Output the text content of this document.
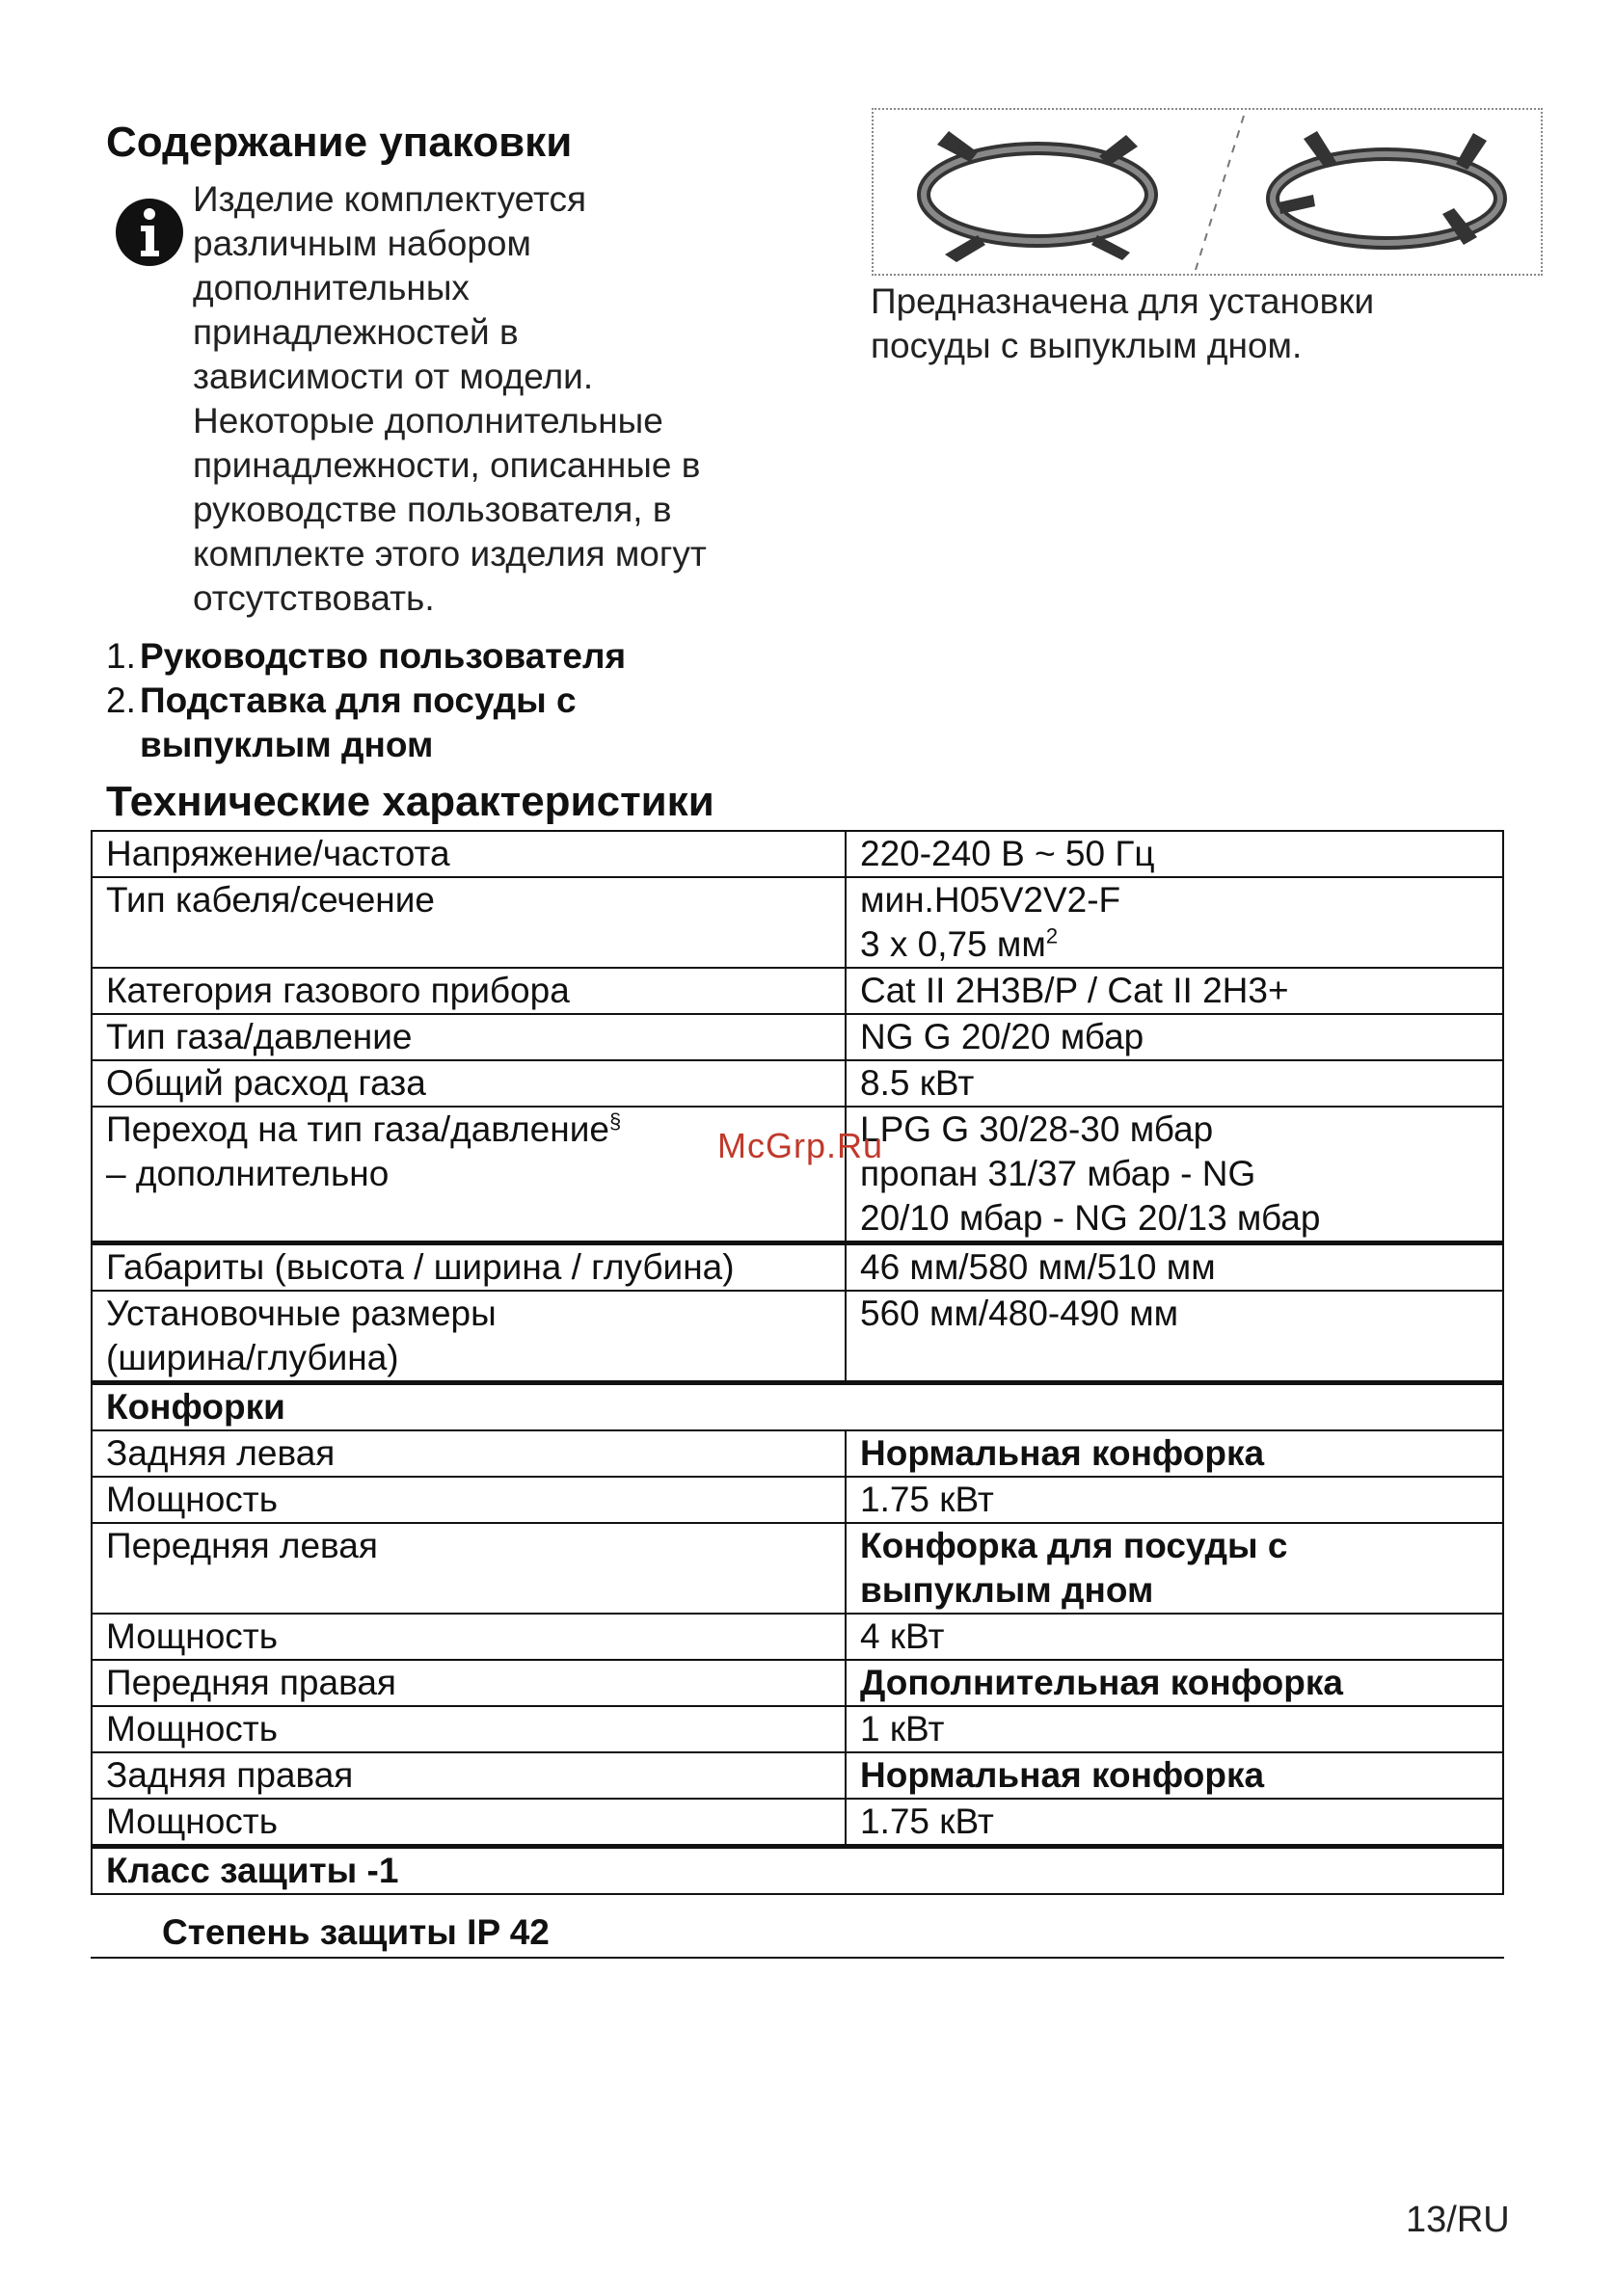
Содержание упаковки
Изделие комплектуется
различным набором
дополнительных
принадлежностей в
зависимости от модели.
Некоторые дополнительные
принадлежности, описанные в
руководстве пользователя, в
комплекте этого изделия могут
отсутствовать.
1. Руководство пользователя
2. Подставка для посуды с
выпуклым дном
Предназначена для установки
посуды с выпуклым дном.
Технические характеристики
Напряжение/частота	220-240 В ~ 50 Гц

Тип кабеля/сечение	мин.H05V2V2-F
3 x 0,75 $мм^2$

Категория газового прибора	Cat II 2H3B/P / Cat II 2H3+

Тип газа/давление	NG G 20/20 мбар

Общий расход газа	8.5 кВт

Переход на тип газа/давление§
– дополнительно	LPG G 30/28-30 мбар
пропан 31/37 мбар - NG
20/10 мбар - NG 20/13 мбар

Габариты (высота / ширина / глубина)	46 мм/580 мм/510 мм

Установочные размеры
(ширина/глубина)	560 мм/480-490 мм

Конфорки	

Задняя левая	Нормальная конфорка

Мощность	1.75 кВт

Передняя левая	Конфорка для посуды с
выпуклым дном

Мощность	4 кВт

Передняя правая	Дополнительная конфорка

Мощность	1 кВт

Задняя правая	Нормальная конфорка

Мощность	1.75 кВт

Класс защиты -1	
Степень защиты IP 42
McGrp.Ru
13/RU
